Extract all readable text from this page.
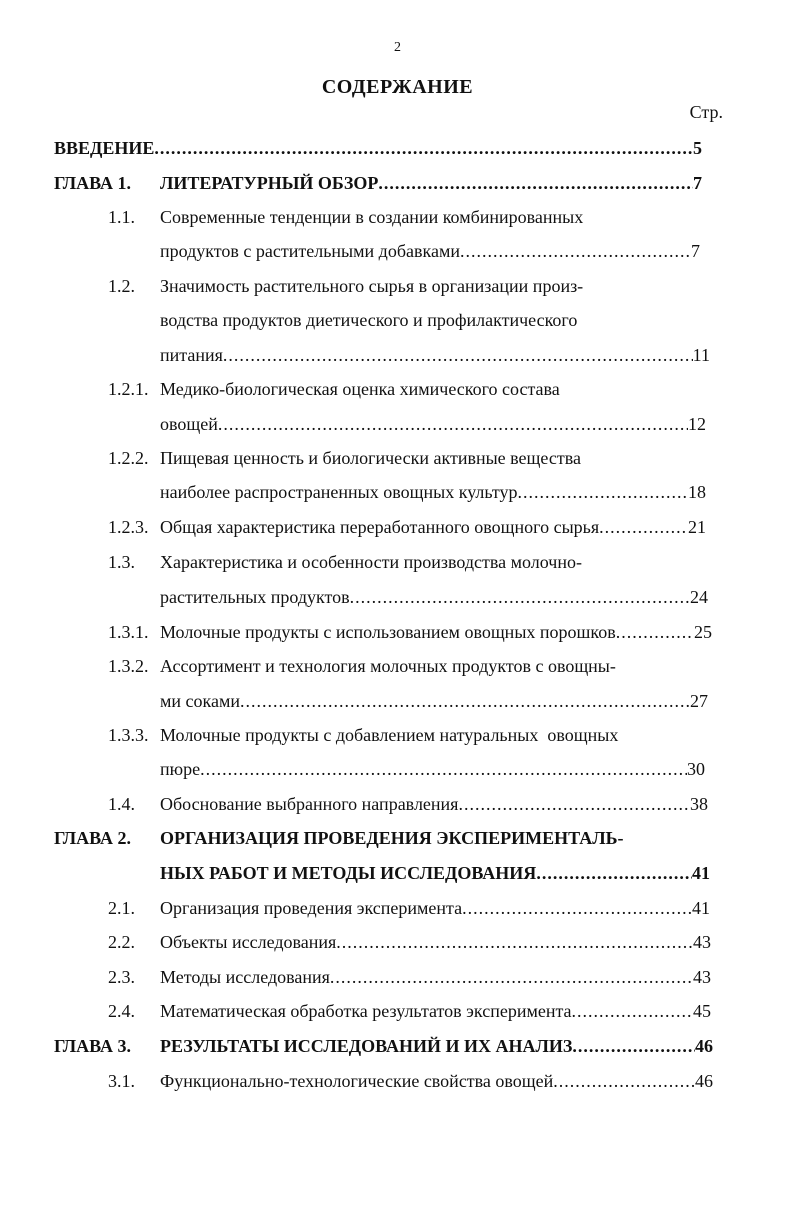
2
СОДЕРЖАНИЕ
Стр.
ВВЕДЕНИЕ .....	5
ГЛАВА 1. ЛИТЕРАТУРНЫЙ ОБЗОР .....	7
1.1. Современные тенденции в создании комбинированных
продуктов с растительными добавками .....	7
1.2. Значимость растительного сырья в организации произ-
водства продуктов диетического и профилактического
питания .....	11
1.2.1. Медико-биологическая оценка химического состава
овощей .....	12
1.2.2. Пищевая ценность и биологически активные вещества
наиболее распространенных овощных культур .....	18
1.2.3. Общая характеристика переработанного овощного сырья .....	21
1.3. Характеристика и особенности производства молочно-
растительных продуктов .....	24
1.3.1. Молочные продукты с использованием овощных порошков .....	25
1.3.2. Ассортимент и технология молочных продуктов с овощны-
ми соками .....	27
1.3.3. Молочные продукты с добавлением натуральных  овощных
пюре .....	30
1.4. Обоснование выбранного направления .....	38
ГЛАВА 2. ОРГАНИЗАЦИЯ ПРОВЕДЕНИЯ ЭКСПЕРИМЕНТАЛЬ-
НЫХ РАБОТ И МЕТОДЫ ИССЛЕДОВАНИЯ .....	41
2.1. Организация проведения эксперимента .....	41
2.2. Объекты исследования .....	43
2.3. Методы исследования .....	43
2.4. Математическая обработка результатов эксперимента .....	45
ГЛАВА 3. РЕЗУЛЬТАТЫ ИССЛЕДОВАНИЙ И ИХ АНАЛИЗ .....	46
3.1. Функционально-технологические свойства овощей .....	46
